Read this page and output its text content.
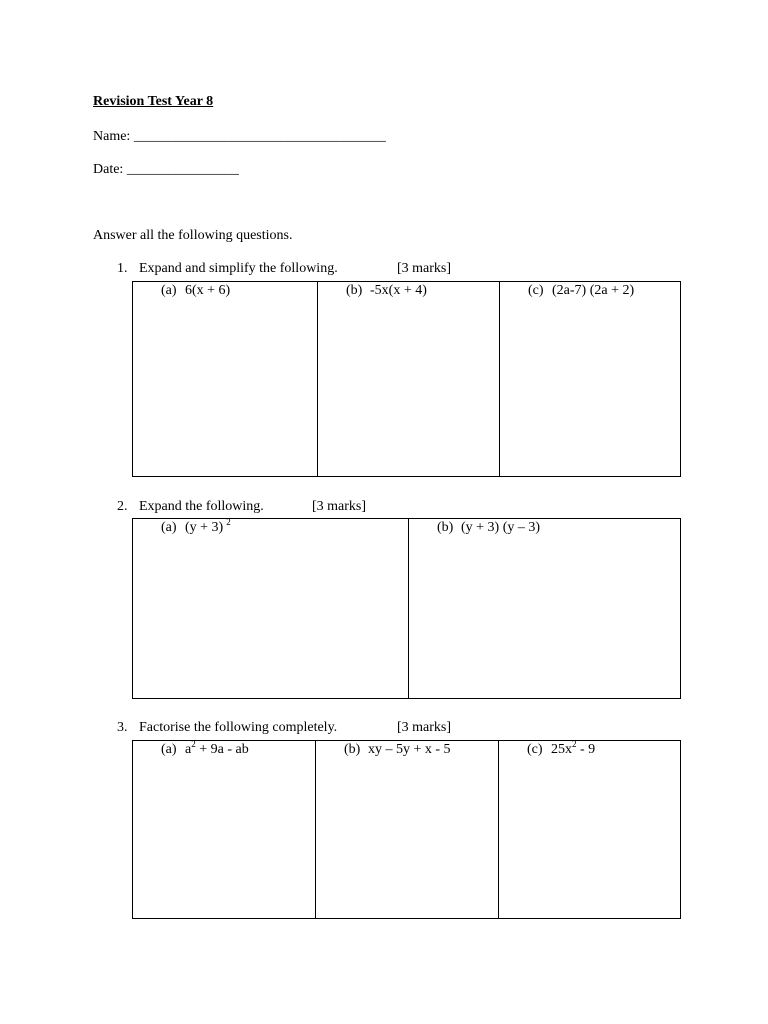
Revision Test Year 8
Name: ____________________________________
Date: ________________
Answer all the following questions.
1. Expand and simplify the following.	[3 marks]
(a) 6(x + 6)	(b) -5x(x + 4)	(c) (2a-7) (2a + 2)
2. Expand the following.	[3 marks]
(a) (y + 3) $^2$	(b) (y + 3) (y – 3)
3. Factorise the following completely.	[3 marks]
(a) $a^2 + 9a$ - ab	(b) xy – 5y + x - 5	(c) $25x^2 - 9$
